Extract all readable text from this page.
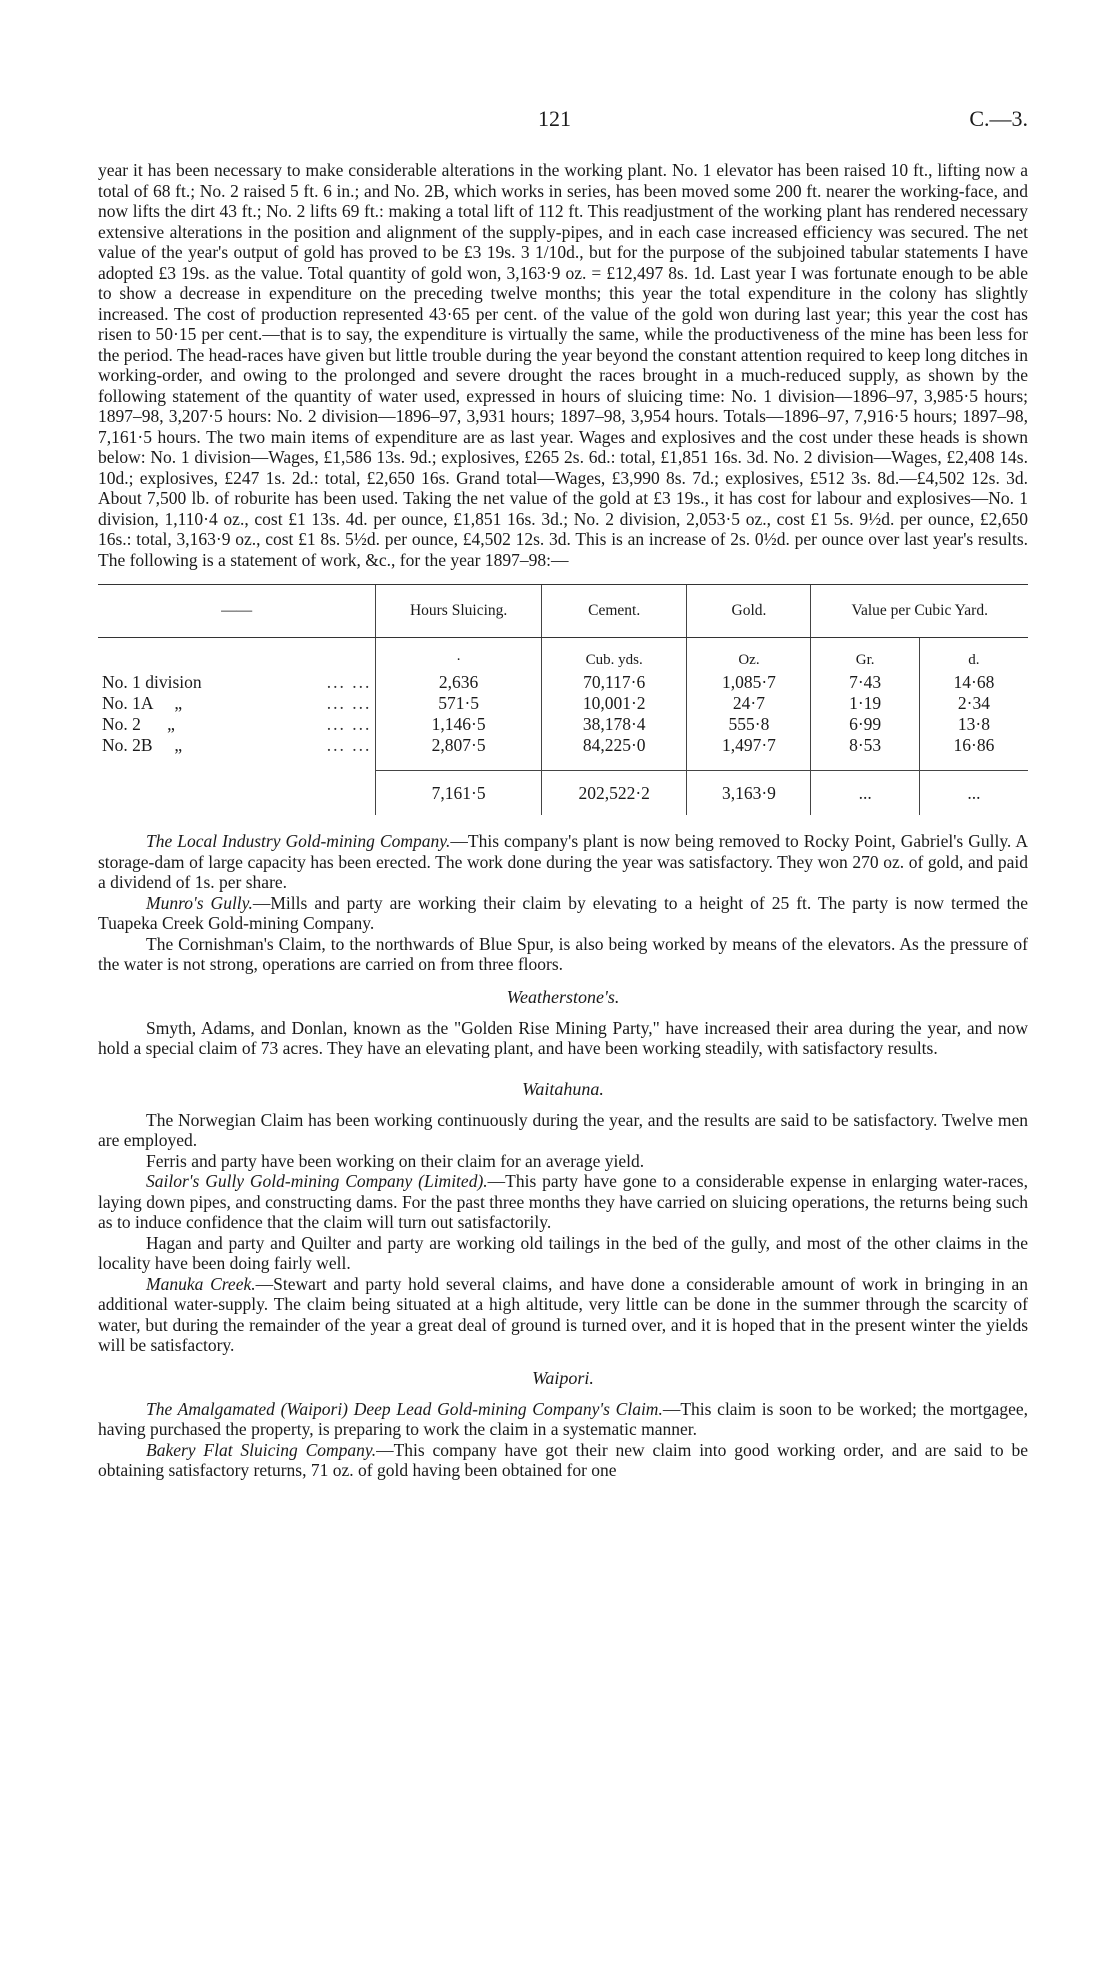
121	C.—3.

year it has been necessary to make considerable alterations in the working plant. No. 1 elevator has been raised 10 ft., lifting now a total of 68 ft.; No. 2 raised 5 ft. 6 in.; and No. 2B, which works in series, has been moved some 200 ft. nearer the working-face, and now lifts the dirt 43 ft.; No. 2 lifts 69 ft.: making a total lift of 112 ft. This readjustment of the working plant has rendered necessary extensive alterations in the position and alignment of the supply-pipes, and in each case increased efficiency was secured. The net value of the year's output of gold has proved to be £3 19s. 3 1/10d., but for the purpose of the subjoined tabular statements I have adopted £3 19s. as the value. Total quantity of gold won, 3,163·9 oz. = £12,497 8s. 1d. Last year I was fortunate enough to be able to show a decrease in expenditure on the preceding twelve months; this year the total expenditure in the colony has slightly increased. The cost of production represented 43·65 per cent. of the value of the gold won during last year; this year the cost has risen to 50·15 per cent.—that is to say, the expenditure is virtually the same, while the productiveness of the mine has been less for the period. The head-races have given but little trouble during the year beyond the constant attention required to keep long ditches in working-order, and owing to the prolonged and severe drought the races brought in a much-reduced supply, as shown by the following statement of the quantity of water used, expressed in hours of sluicing time: No. 1 division—1896–97, 3,985·5 hours; 1897–98, 3,207·5 hours: No. 2 division—1896–97, 3,931 hours; 1897–98, 3,954 hours. Totals—1896–97, 7,916·5 hours; 1897–98, 7,161·5 hours. The two main items of expenditure are as last year. Wages and explosives and the cost under these heads is shown below: No. 1 division—Wages, £1,586 13s. 9d.; explosives, £265 2s. 6d.: total, £1,851 16s. 3d. No. 2 division—Wages, £2,408 14s. 10d.; explosives, £247 1s. 2d.: total, £2,650 16s. Grand total—Wages, £3,990 8s. 7d.; explosives, £512 3s. 8d.—£4,502 12s. 3d. About 7,500 lb. of roburite has been used. Taking the net value of the gold at £3 19s., it has cost for labour and explosives—No. 1 division, 1,110·4 oz., cost £1 13s. 4d. per ounce, £1,851 16s. 3d.; No. 2 division, 2,053·5 oz., cost £1 5s. 9½d. per ounce, £2,650 16s.: total, 3,163·9 oz., cost £1 8s. 5½d. per ounce, £4,502 12s. 3d. This is an increase of 2s. 0½d. per ounce over last year's results. The following is a statement of work, &c., for the year 1897–98:—

——	Hours Sluicing.	Cement.	Gold.	Value per Cubic Yard.	
	·	Cub. yds.	Oz.	Gr.	d.
No. 1 division ... ...	2,636	70,117·6	1,085·7	7·43	14·68
No. 1A     „ ... ...	571·5	10,001·2	24·7	1·19	2·34
No. 2      „ ... ...	1,146·5	38,178·4	555·8	6·99	13·8
No. 2B     „ ... ...	2,807·5	84,225·0	1,497·7	8·53	16·86

	7,161·5	202,522·2	3,163·9	...	...

The Local Industry Gold-mining Company.—This company's plant is now being removed to Rocky Point, Gabriel's Gully. A storage-dam of large capacity has been erected. The work done during the year was satisfactory. They won 270 oz. of gold, and paid a dividend of 1s. per share.

Munro's Gully.—Mills and party are working their claim by elevating to a height of 25 ft. The party is now termed the Tuapeka Creek Gold-mining Company.

The Cornishman's Claim, to the northwards of Blue Spur, is also being worked by means of the elevators. As the pressure of the water is not strong, operations are carried on from three floors.

Weatherstone's.

Smyth, Adams, and Donlan, known as the "Golden Rise Mining Party," have increased their area during the year, and now hold a special claim of 73 acres. They have an elevating plant, and have been working steadily, with satisfactory results.

Waitahuna.

The Norwegian Claim has been working continuously during the year, and the results are said to be satisfactory. Twelve men are employed.

Ferris and party have been working on their claim for an average yield.

Sailor's Gully Gold-mining Company (Limited).—This party have gone to a considerable expense in enlarging water-races, laying down pipes, and constructing dams. For the past three months they have carried on sluicing operations, the returns being such as to induce confidence that the claim will turn out satisfactorily.

Hagan and party and Quilter and party are working old tailings in the bed of the gully, and most of the other claims in the locality have been doing fairly well.

Manuka Creek.—Stewart and party hold several claims, and have done a considerable amount of work in bringing in an additional water-supply. The claim being situated at a high altitude, very little can be done in the summer through the scarcity of water, but during the remainder of the year a great deal of ground is turned over, and it is hoped that in the present winter the yields will be satisfactory.

Waipori.

The Amalgamated (Waipori) Deep Lead Gold-mining Company's Claim.—This claim is soon to be worked; the mortgagee, having purchased the property, is preparing to work the claim in a systematic manner.

Bakery Flat Sluicing Company.—This company have got their new claim into good working order, and are said to be obtaining satisfactory returns, 71 oz. of gold having been obtained for one
